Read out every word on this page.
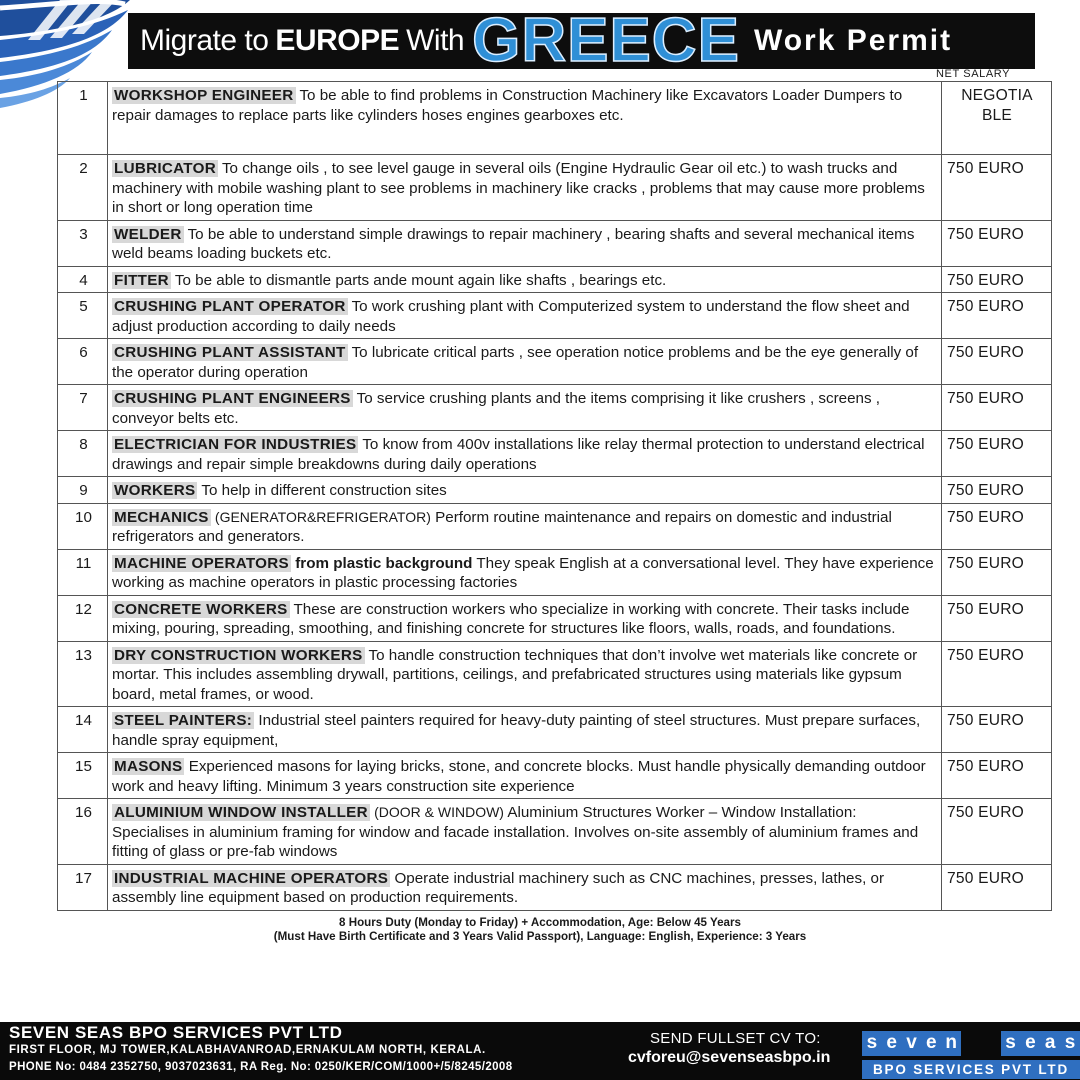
Migrate to EUROPE With GREECE Work Permit
NET SALARY
1	WORKSHOP ENGINEER To be able to find problems in Construction Machinery like Excavators Loader Dumpers to repair damages to replace parts like cylinders hoses engines gearboxes etc.	NEGOTIA BLE
2	LUBRICATOR To change oils , to see level gauge in several oils (Engine Hydraulic Gear oil etc.) to wash trucks and machinery with mobile washing plant to see problems in machinery like cracks , problems that may cause more problems in short or long operation time	750 EURO
3	WELDER To be able to understand simple drawings to repair machinery , bearing shafts and several mechanical items weld beams loading buckets etc.	750 EURO
4	FITTER To be able to dismantle parts ande mount again like shafts , bearings etc.	750 EURO
5	CRUSHING PLANT OPERATOR To work crushing plant with Computerized system to understand the flow sheet and adjust production according to daily needs	750 EURO
6	CRUSHING PLANT ASSISTANT To lubricate critical parts , see operation notice problems and be the eye generally of the operator during operation	750 EURO
7	CRUSHING PLANT ENGINEERS To service crushing plants and the items comprising it like crushers , screens , conveyor belts etc.	750 EURO
8	ELECTRICIAN FOR INDUSTRIES To know from 400v installations like relay thermal protection to understand electrical drawings and repair simple breakdowns during daily operations	750 EURO
9	WORKERS To help in different construction sites	750 EURO
10	MECHANICS (GENERATOR&REFRIGERATOR) Perform routine maintenance and repairs on domestic and industrial refrigerators and generators.	750 EURO
11	MACHINE OPERATORS from plastic background They speak English at a conversational level. They have experience working as machine operators in plastic processing factories	750 EURO
12	CONCRETE WORKERS These are construction workers who specialize in working with concrete. Their tasks include mixing, pouring, spreading, smoothing, and finishing concrete for structures like floors, walls, roads, and foundations.	750 EURO
13	DRY CONSTRUCTION WORKERS To handle construction techniques that don’t involve wet materials like concrete or mortar. This includes assembling drywall, partitions, ceilings, and prefabricated structures using materials like gypsum board, metal frames, or wood.	750 EURO
14	STEEL PAINTERS: Industrial steel painters required for heavy-duty painting of steel structures. Must prepare surfaces, handle spray equipment,	750 EURO
15	MASONS Experienced masons for laying bricks, stone, and concrete blocks. Must handle physically demanding outdoor work and heavy lifting. Minimum 3 years construction site experience	750 EURO
16	ALUMINIUM WINDOW INSTALLER (DOOR & WINDOW) Aluminium Structures Worker – Window Installation: Specialises in aluminium framing for window and facade installation. Involves on-site assembly of aluminium frames and fitting of glass or pre-fab windows	750 EURO
17	INDUSTRIAL MACHINE OPERATORS Operate industrial machinery such as CNC machines, presses, lathes, or assembly line equipment based on production requirements.	750 EURO
8 Hours Duty (Monday to Friday) + Accommodation, Age: Below 45 Years
(Must Have Birth Certificate and 3 Years Valid Passport), Language: English, Experience: 3 Years
SEVEN SEAS BPO SERVICES PVT LTD
FIRST FLOOR, MJ TOWER,KALABHAVANROAD,ERNAKULAM NORTH, KERALA.
PHONE No: 0484 2352750, 9037023631, RA Reg. No: 0250/KER/COM/1000+/5/8245/2008
SEND FULLSET CV TO:
cvforeu@sevenseasbpo.in
s e v e n	s e a s
BPO SERVICES PVT LTD
